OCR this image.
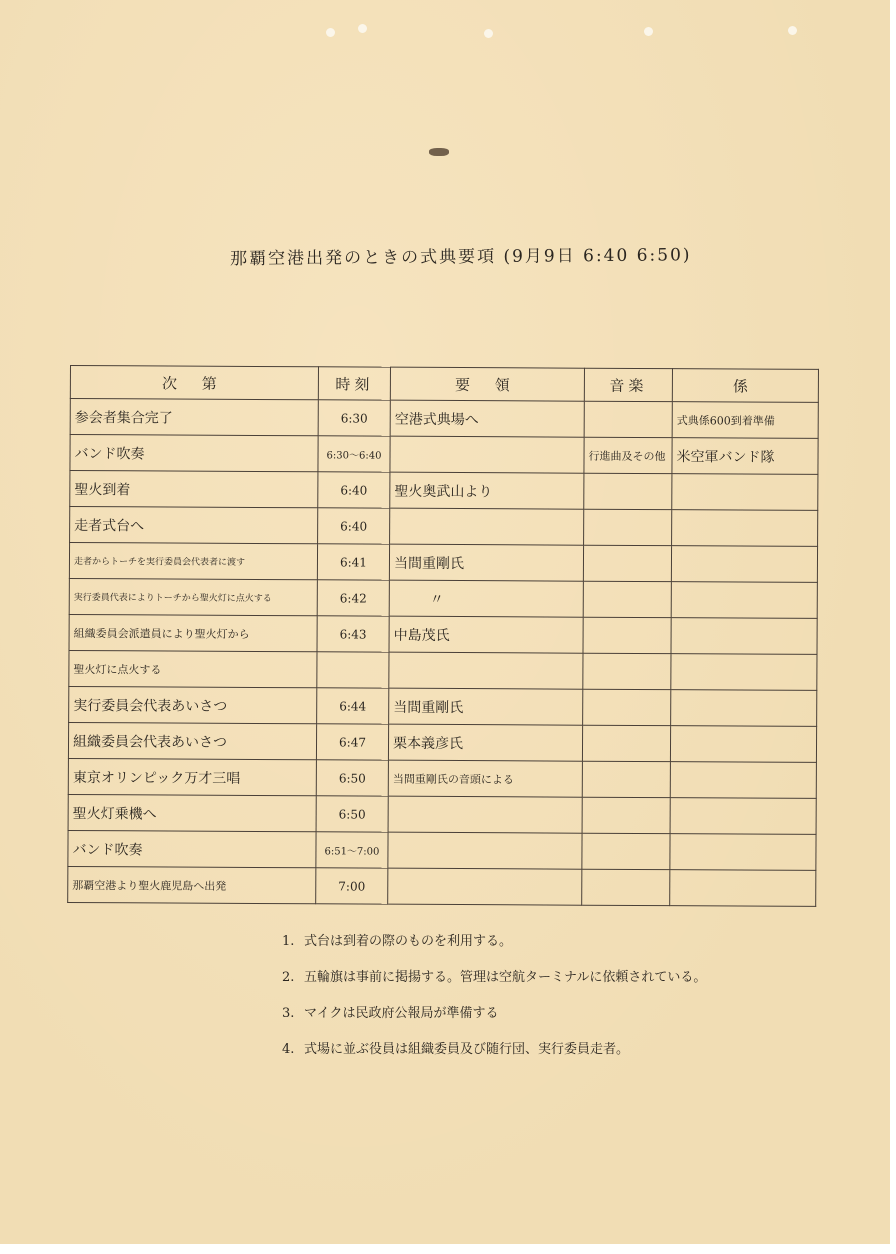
那覇空港出発のときの式典要項 (9月9日 6:40 6:50)
次 第	時刻	要 領	音楽	係
参会者集合完了	6:30	空港式典場へ		式典係600到着準備
バンド吹奏	6:30～6:40		行進曲及その他	米空軍バンド隊
聖火到着	6:40	聖火奥武山より		
走者式台へ	6:40			
走者からトーチを実行委員会代表者に渡す	6:41	当間重剛氏		
実行委員代表によりトーチから聖火灯に点火する	6:42	〃		
組織委員会派遣員により聖火灯から	6:43	中島茂氏		
聖火灯に点火する				
実行委員会代表あいさつ	6:44	当間重剛氏		
組織委員会代表あいさつ	6:47	栗本義彦氏		
東京オリンピック万才三唱	6:50	当間重剛氏の音頭による		
聖火灯乗機へ	6:50			
バンド吹奏	6:51～7:00			
那覇空港より聖火鹿児島へ出発	7:00			
1. 式台は到着の際のものを利用する。
2. 五輪旗は事前に掲揚する。管理は空航ターミナルに依頼されている。
3. マイクは民政府公報局が準備する
4. 式場に並ぶ役員は組織委員及び随行団、実行委員走者。
